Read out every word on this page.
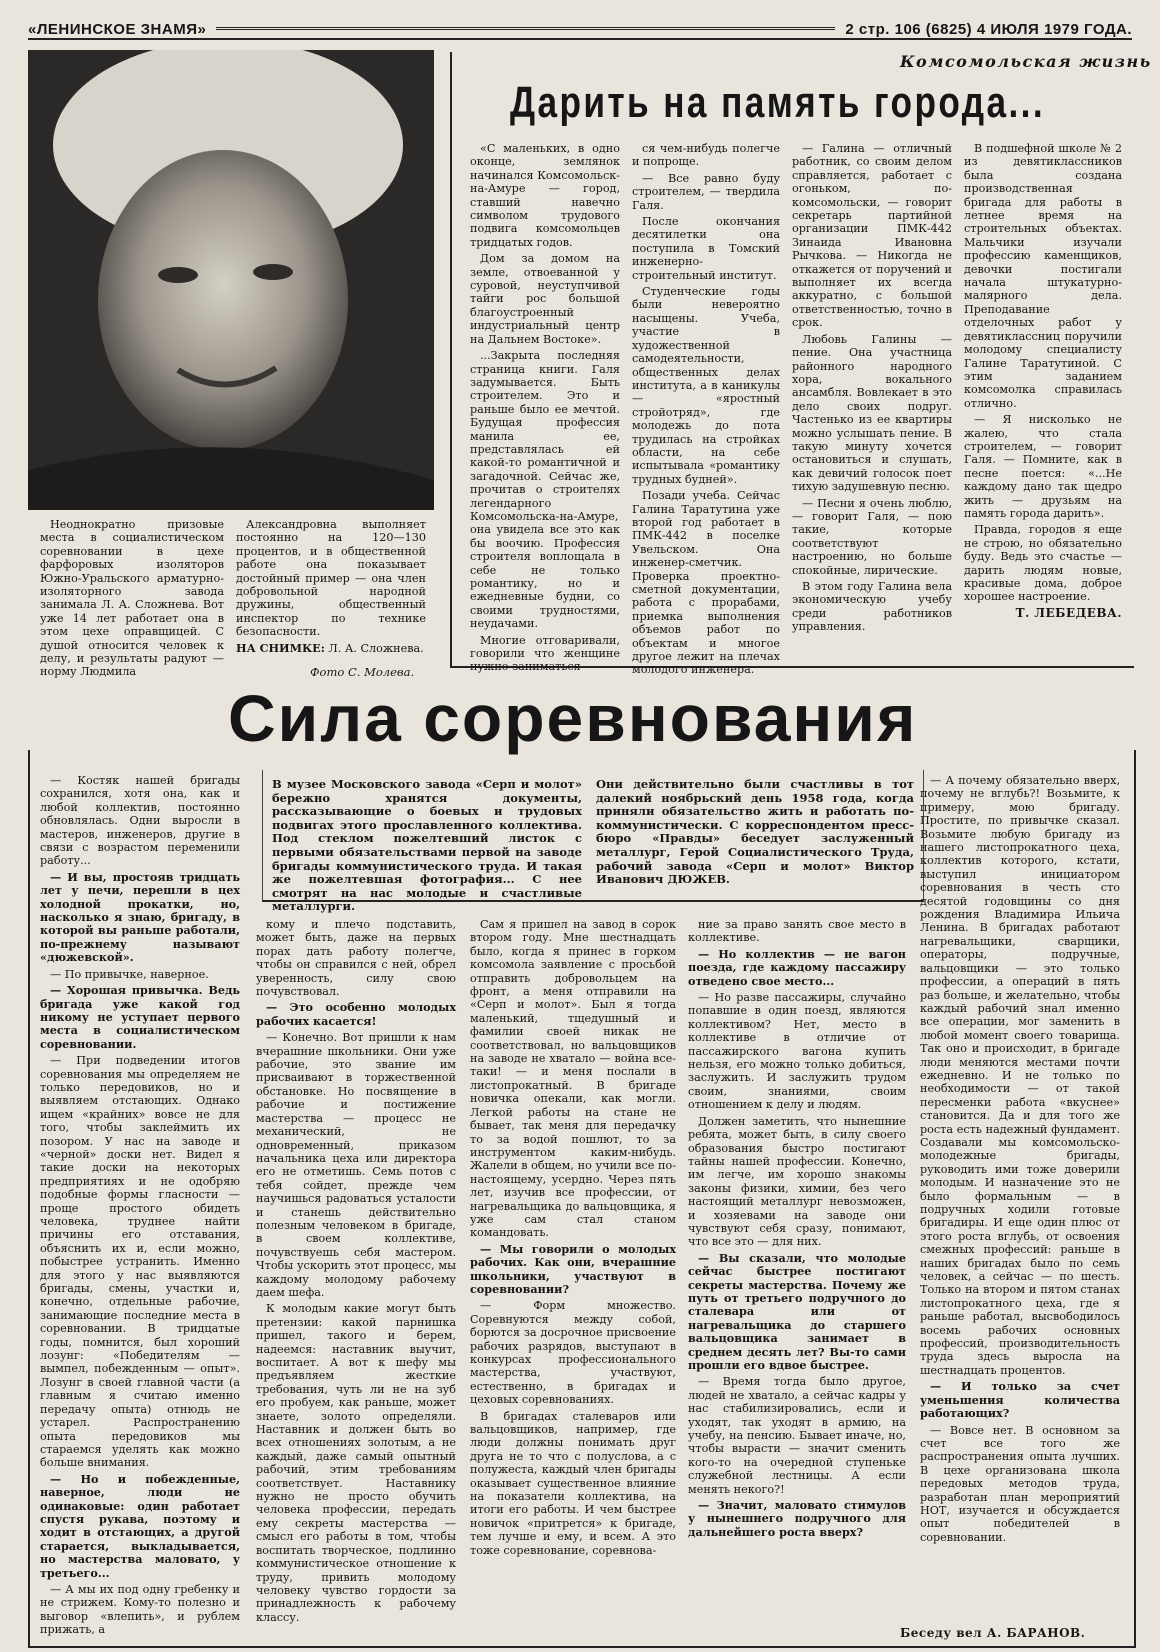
«ЛЕНИНСКОЕ ЗНАМЯ»	2 стр. 106 (6825) 4 ИЮЛЯ 1979 ГОДА.

Неоднократно призовые места в социалистическом соревновании в цехе фарфоровых изоляторов Южно-Уральского арматурно-изоляторного завода занимала Л. А. Сложнева. Вот уже 14 лет работает она в этом цехе оправщицей. С душой относится человек к делу, и результаты радуют — норму Людмила

Александровна выполняет постоянно на 120—130 процентов, и в общественной работе она показывает достойный пример — она член добровольной народной дружины, общественный инспектор по технике безопасности.

НА СНИМКЕ: Л. А. Сложнева.

Фото С. Молева.
Комсомольская жизнь
Дарить на память города...

«С маленьких, в одно оконце, землянок начинался Комсомольск-на-Амуре — город, ставший навечно символом трудового подвига комсомольцев тридцатых годов.

Дом за домом на земле, отвоеванной у суровой, неуступчивой тайги рос большой благоустроенный индустриальный центр на Дальнем Востоке».

...Закрыта последняя страница книги. Галя задумывается. Быть строителем. Это и раньше было ее мечтой. Будущая профессия манила ее, представлялась ей какой-то романтичной и загадочной. Сейчас же, прочитав о строителях легендарного Комсомольска-на-Амуре, она увидела все это как бы воочию. Профессия строителя воплощала в себе не только романтику, но и ежедневные будни, со своими трудностями, неудачами.

Многие отговаривали, говорили что женщине нужно заниматься

ся чем-нибудь полегче и попроще.

— Все равно буду строителем, — твердила Галя.

После окончания десятилетки она поступила в Томский инженерно-строительный институт.

Студенческие годы были невероятно насыщены. Учеба, участие в художественной самодеятельности, общественных делах института, а в каникулы — «яростный стройотряд», где молодежь до пота трудилась на стройках области, на себе испытывала «романтику трудных будней».

Позади учеба. Сейчас Галина Таратутина уже второй год работает в ПМК-442 в поселке Увельском. Она инженер-сметчик. Проверка проектно-сметной документации, работа с прорабами, приемка выполнения объемов работ по объектам и многое другое лежит на плечах молодого инженера.

— Галина — отличный работник, со своим делом справляется, работает с огоньком, по-комсомольски, — говорит секретарь партийной организации ПМК-442 Зинаида Ивановна Рычкова. — Никогда не откажется от поручений и выполняет их всегда аккуратно, с большой ответственностью, точно в срок.

Любовь Галины — пение. Она участница районного народного хора, вокального ансамбля. Вовлекает в это дело своих подруг. Частенько из ее квартиры можно услышать пение. В такую минуту хочется остановиться и слушать, как девичий голосок поет тихую задушевную песню.

— Песни я очень люблю, — говорит Галя, — пою такие, которые соответствуют настроению, но больше спокойные, лирические.

В этом году Галина вела экономическую учебу среди работников управления.

В подшефной школе № 2 из девятиклассников была создана производственная бригада для работы в летнее время на строительных объектах. Мальчики изучали профессию каменщиков, девочки постигали начала штукатурно-малярного дела. Преподавание отделочных работ у девятиклассниц поручили молодому специалисту Галине Таратутиной. С этим заданием комсомолка справилась отлично.

— Я нисколько не жалею, что стала строителем, — говорит Галя. — Помните, как в песне поется: «...Не каждому дано так щедро жить — друзьям на память города дарить».

Правда, городов я еще не строю, но обязательно буду. Ведь это счастье — дарить людям новые, красивые дома, доброе хорошее настроение.

Т. ЛЕБЕДЕВА.
Сила соревнования
В музее Московского завода «Серп и молот» бережно хранятся документы, рассказывающие о боевых и трудовых подвигах этого прославленного коллектива. Под стеклом пожелтевший листок с первыми обязательствами первой на заводе бригады коммунистического труда. И такая же пожелтевшая фотография... С нее смотрят на нас молодые и счастливые металлурги.
Они действительно были счастливы в тот далекий ноябрьский день 1958 года, когда приняли обязательство жить и работать по-коммунистически. С корреспондентом пресс-бюро «Правды» беседует заслуженный металлург, Герой Социалистического Труда, рабочий завода «Серп и молот» Виктор Иванович ДЮЖЕВ.

— Костяк нашей бригады сохранился, хотя она, как и любой коллектив, постоянно обновлялась. Одни выросли в мастеров, инженеров, другие в связи с возрастом переменили работу...

— И вы, простояв тридцать лет у печи, перешли в цех холодной прокатки, но, насколько я знаю, бригаду, в которой вы раньше работали, по-прежнему называют «дюжевской».

— По привычке, наверное.

— Хорошая привычка. Ведь бригада уже какой год никому не уступает первого места в социалистическом соревновании.

— При подведении итогов соревнования мы определяем не только передовиков, но и выявляем отстающих. Однако ищем «крайних» вовсе не для того, чтобы заклеймить их позором. У нас на заводе и «черной» доски нет. Видел я такие доски на некоторых предприятиях и не одобряю подобные формы гласности — проще простого обидеть человека, труднее найти причины его отставания, объяснить их и, если можно, побыстрее устранить. Именно для этого у нас выявляются бригады, смены, участки и, конечно, отдельные рабочие, занимающие последние места в соревновании. В тридцатые годы, помнится, был хороший лозунг: «Победителям — вымпел, побежденным — опыт». Лозунг в своей главной части (а главным я считаю именно передачу опыта) отнюдь не устарел. Распространению опыта передовиков мы стараемся уделять как можно больше внимания.

— Но и побежденные, наверное, люди не одинаковые: один работает спустя рукава, поэтому и ходит в отстающих, а другой старается, выкладывается, но мастерства маловато, у третьего...

— А мы их под одну гребенку и не стрижем. Кому-то полезно и выговор «влепить», и рублем прижать, а

кому и плечо подставить, может быть, даже на первых порах дать работу полегче, чтобы он справился с ней, обрел уверенность, силу свою почувствовал.

— Это особенно молодых рабочих касается!

— Конечно. Вот пришли к нам вчерашние школьники. Они уже рабочие, это звание им присваивают в торжественной обстановке. Но посвящение в рабочие и постижение мастерства — процесс не механический, не одновременный, приказом начальника цеха или директора его не отметишь. Семь потов с тебя сойдет, прежде чем научишься радоваться усталости и станешь действительно полезным человеком в бригаде, в своем коллективе, почувствуешь себя мастером. Чтобы ускорить этот процесс, мы каждому молодому рабочему даем шефа.

К молодым какие могут быть претензии: какой парнишка пришел, такого и берем, надеемся: наставник выучит, воспитает. А вот к шефу мы предъявляем жесткие требования, чуть ли не на зуб его пробуем, как раньше, может знаете, золото определяли. Наставник и должен быть во всех отношениях золотым, а не каждый, даже самый опытный рабочий, этим требованиям соответствует. Наставнику нужно не просто обучить человека профессии, передать ему секреты мастерства — смысл его работы в том, чтобы воспитать творческое, подлинно коммунистическое отношение к труду, привить молодому человеку чувство гордости за принадлежность к рабочему классу.

Сам я пришел на завод в сорок втором году. Мне шестнадцать было, когда я принес в горком комсомола заявление с просьбой отправить добровольцем на фронт, а меня отправили на «Серп и молот». Был я тогда маленький, тщедушный и фамилии своей никак не соответствовал, но вальцовщиков на заводе не хватало — война все-таки! — и меня послали в листопрокатный. В бригаде новичка опекали, как могли. Легкой работы на стане не бывает, так меня для передачку то за водой пошлют, то за инструментом каким-нибудь. Жалели в общем, но учили все по-настоящему, усердно. Через пять лет, изучив все профессии, от нагревальщика до вальцовщика, я уже сам стал станом командовать.

— Мы говорили о молодых рабочих. Как они, вчерашние школьники, участвуют в соревновании?

— Форм множество. Соревнуются между собой, борются за досрочное присвоение рабочих разрядов, выступают в конкурсах профессионального мастерства, участвуют, естественно, в бригадах и цеховых соревнованиях.

В бригадах сталеваров или вальцовщиков, например, где люди должны понимать друг друга не то что с полуслова, а с полужеста, каждый член бригады оказывает существенное влияние на показатели коллектива, на итоги его работы. И чем быстрее новичок «притрется» к бригаде, тем лучше и ему, и всем. А это тоже соревнование, соревнова-

ние за право занять свое место в коллективе.

— Но коллектив — не вагон поезда, где каждому пассажиру отведено свое место...

— Но разве пассажиры, случайно попавшие в один поезд, являются коллективом? Нет, место в коллективе в отличие от пассажирского вагона купить нельзя, его можно только добиться, заслужить. И заслужить трудом своим, знаниями, своим отношением к делу и людям.

Должен заметить, что нынешние ребята, может быть, в силу своего образования быстро постигают тайны нашей профессии. Конечно, им легче, им хорошо знакомы законы физики, химии, без чего настоящий металлург невозможен, и хозяевами на заводе они чувствуют себя сразу, понимают, что все это — для них.

— Вы сказали, что молодые сейчас быстрее постигают секреты мастерства. Почему же путь от третьего подручного до сталевара или от нагревальщика до старшего вальцовщика занимает в среднем десять лет? Вы-то сами прошли его вдвое быстрее.

— Время тогда было другое, людей не хватало, а сейчас кадры у нас стабилизировались, если и уходят, так уходят в армию, на учебу, на пенсию. Бывает иначе, но, чтобы вырасти — значит сменить кого-то на очередной ступеньке служебной лестницы. А если менять некого?!

— Значит, маловато стимулов у нынешнего подручного для дальнейшего роста вверх?

— А почему обязательно вверх, почему не вглубь?! Возьмите, к примеру, мою бригаду. Простите, по привычке сказал. Возьмите любую бригаду из нашего листопрокатного цеха, коллектив которого, кстати, выступил инициатором соревнования в честь сто десятой годовщины со дня рождения Владимира Ильича Ленина. В бригадах работают нагревальщики, сварщики, операторы, подручные, вальцовщики — это только профессии, а операций в пять раз больше, и желательно, чтобы каждый рабочий знал именно все операции, мог заменить в любой момент своего товарища. Так оно и происходит, в бригаде люди меняются местами почти ежедневно. И не только по необходимости — от такой пересменки работа «вкуснее» становится. Да и для того же роста есть надежный фундамент. Создавали мы комсомольско-молодежные бригады, руководить ими тоже доверили молодым. И назначение это не было формальным — в подручных ходили готовые бригадиры. И еще один плюс от этого роста вглубь, от освоения смежных профессий: раньше в наших бригадах было по семь человек, а сейчас — по шесть. Только на втором и пятом станах листопрокатного цеха, где я раньше работал, высвободилось восемь рабочих основных профессий, производительность труда здесь выросла на шестнадцать процентов.

— И только за счет уменьшения количества работающих?

— Вовсе нет. В основном за счет все того же распространения опыта лучших. В цехе организована школа передовых методов труда, разработан план мероприятий НОТ, изучается и обсуждается опыт победителей в соревновании.

Беседу вел А. БАРАНОВ.
